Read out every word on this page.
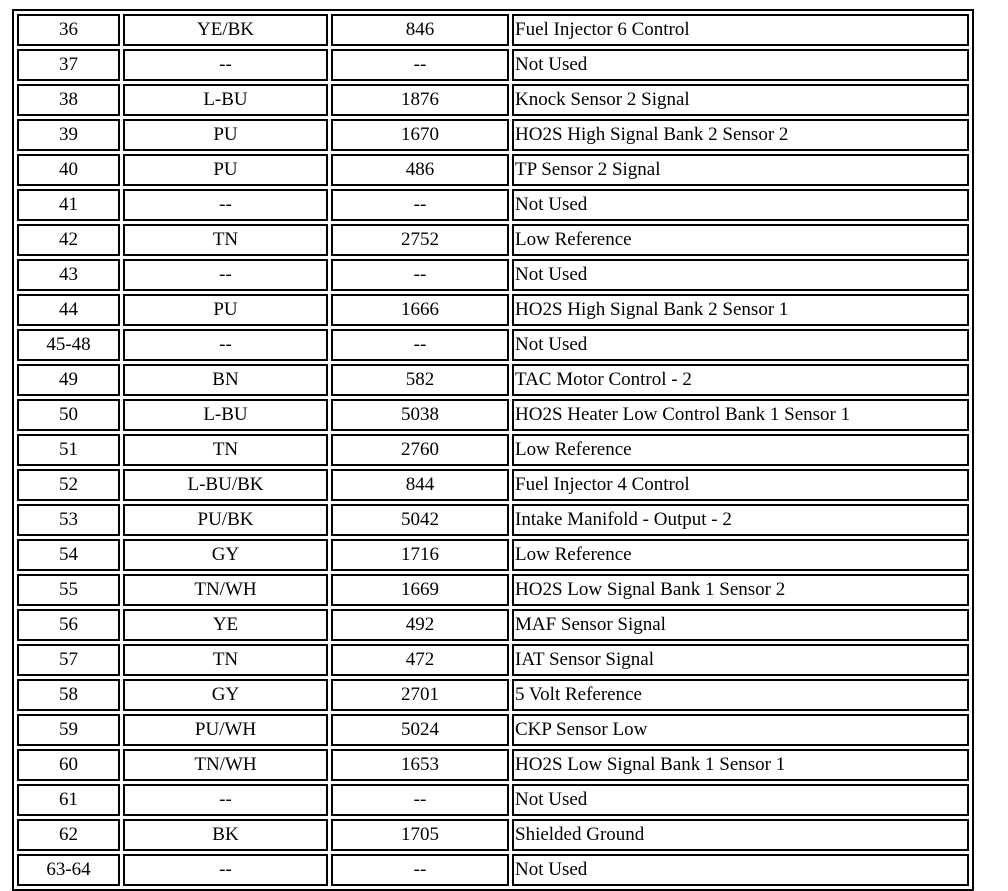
36	YE/BK	846	Fuel Injector 6 Control
37	--	--	Not Used
38	L-BU	1876	Knock Sensor 2 Signal
39	PU	1670	HO2S High Signal Bank 2 Sensor 2
40	PU	486	TP Sensor 2 Signal
41	--	--	Not Used
42	TN	2752	Low Reference
43	--	--	Not Used
44	PU	1666	HO2S High Signal Bank 2 Sensor 1
45-48	--	--	Not Used
49	BN	582	TAC Motor Control - 2
50	L-BU	5038	HO2S Heater Low Control Bank 1 Sensor 1
51	TN	2760	Low Reference
52	L-BU/BK	844	Fuel Injector 4 Control
53	PU/BK	5042	Intake Manifold - Output - 2
54	GY	1716	Low Reference
55	TN/WH	1669	HO2S Low Signal Bank 1 Sensor 2
56	YE	492	MAF Sensor Signal
57	TN	472	IAT Sensor Signal
58	GY	2701	5 Volt Reference
59	PU/WH	5024	CKP Sensor Low
60	TN/WH	1653	HO2S Low Signal Bank 1 Sensor 1
61	--	--	Not Used
62	BK	1705	Shielded Ground
63-64	--	--	Not Used
